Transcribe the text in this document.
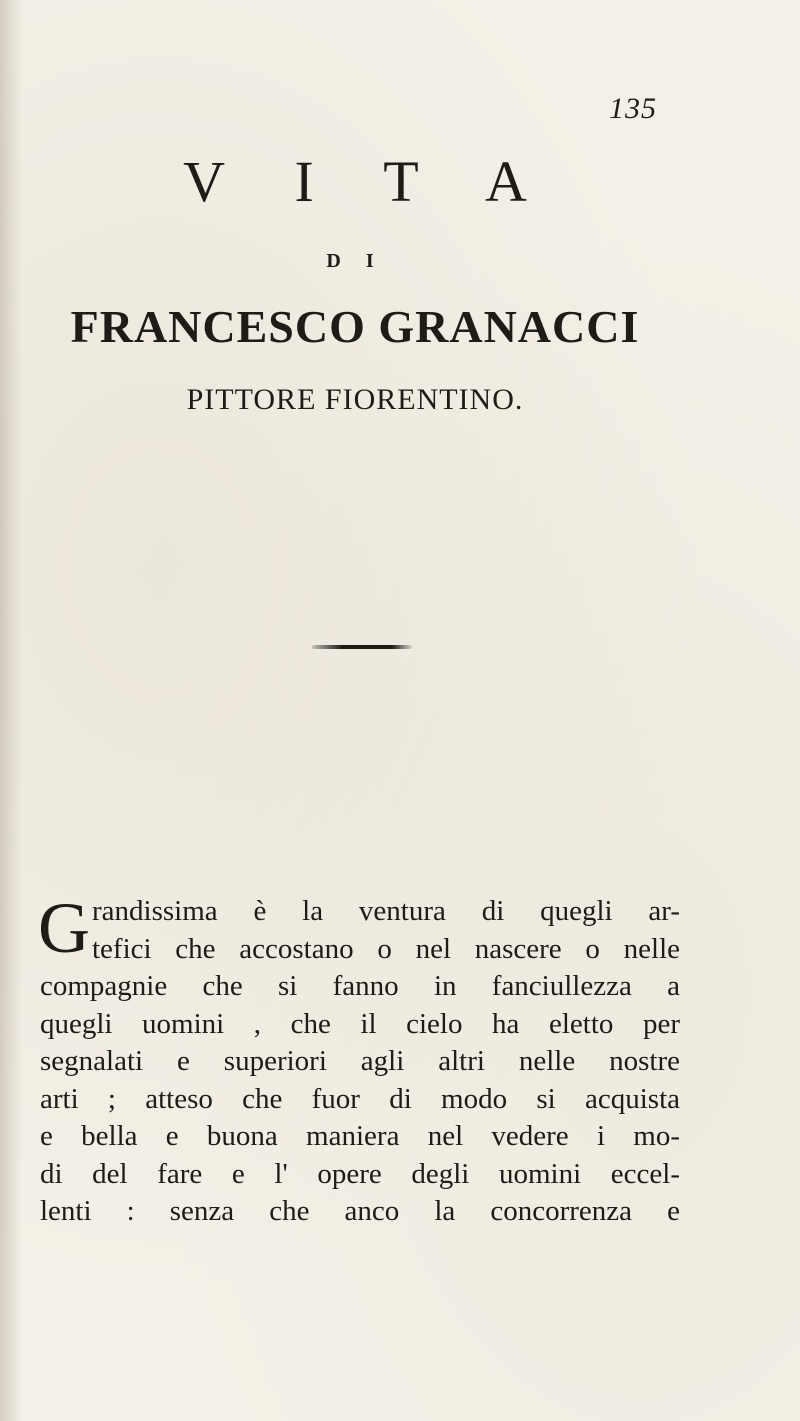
135
V I T A
D I
FRANCESCO GRANACCI
PITTORE FIORENTINO.
G randissima è la ventura di quegli ar-
tefici che accostano o nel nascere o nelle
compagnie che si fanno in fanciullezza a
quegli uomini , che il cielo ha eletto per
segnalati e superiori agli altri nelle nostre
arti ; atteso che fuor di modo si acquista
e bella e buona maniera nel vedere i mo-
di del fare e l' opere degli uomini eccel-
lenti : senza che anco la concorrenza e
